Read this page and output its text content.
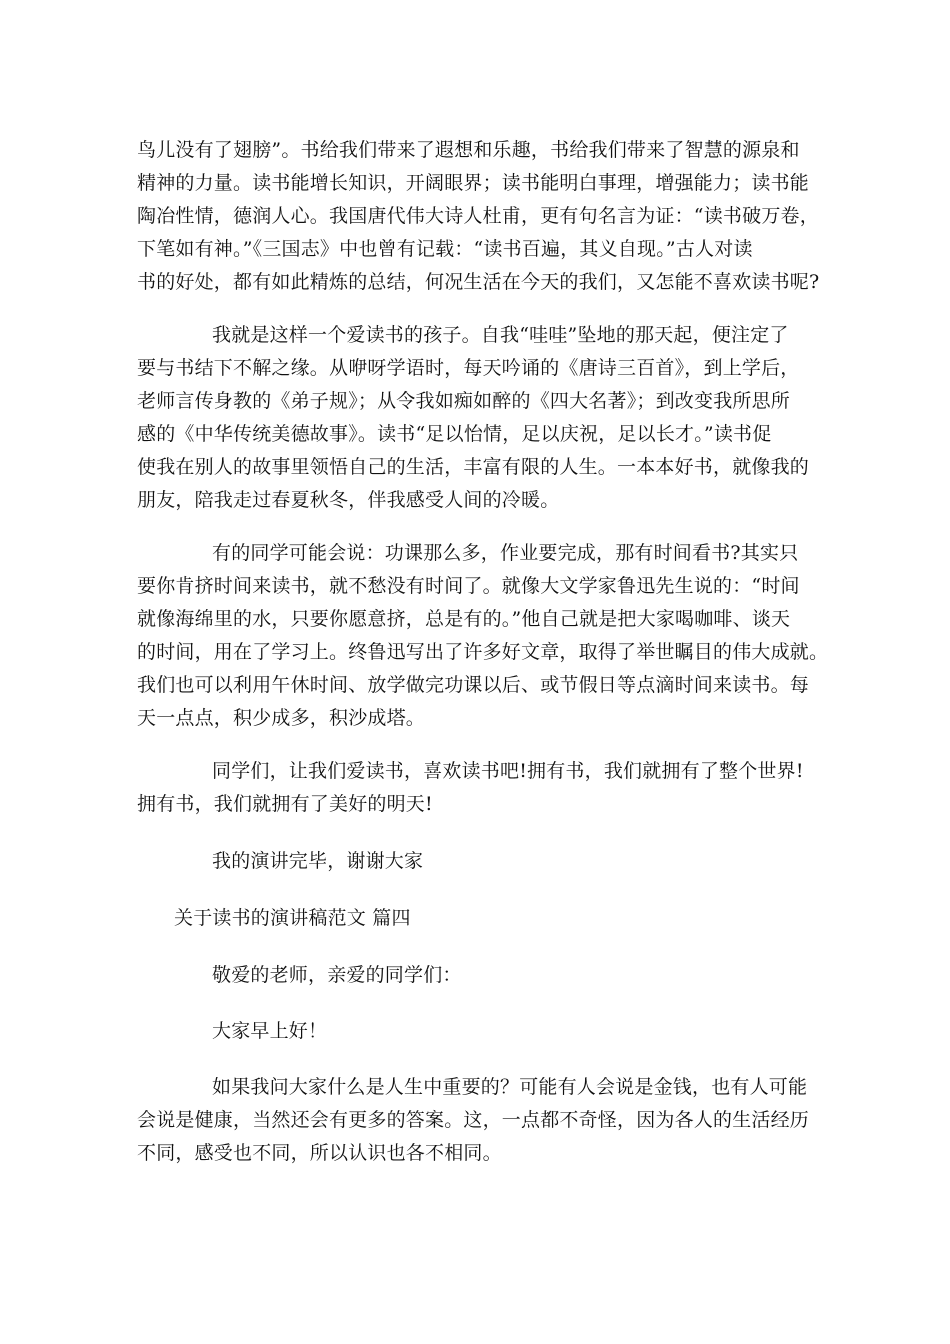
鸟儿没有了翅膀”。书给我们带来了遐想和乐趣，书给我们带来了智慧的源泉和
精神的力量。读书能增长知识，开阔眼界；读书能明白事理，增强能力；读书能
陶冶性情，德润人心。我国唐代伟大诗人杜甫，更有句名言为证：“读书破万卷，
下笔如有神。”《三国志》中也曾有记载：“读书百遍，其义自现。”古人对读
书的好处，都有如此精炼的总结，何况生活在今天的我们，又怎能不喜欢读书呢?
我就是这样一个爱读书的孩子。自我“哇哇”坠地的那天起，便注定了
要与书结下不解之缘。从咿呀学语时，每天吟诵的《唐诗三百首》，到上学后，
老师言传身教的《弟子规》；从令我如痴如醉的《四大名著》；到改变我所思所
感的《中华传统美德故事》。读书“足以怡情，足以庆祝，足以长才。”读书促
使我在别人的故事里领悟自己的生活，丰富有限的人生。一本本好书，就像我的
朋友，陪我走过春夏秋冬，伴我感受人间的冷暖。
有的同学可能会说：功课那么多，作业要完成，那有时间看书?其实只
要你肯挤时间来读书，就不愁没有时间了。就像大文学家鲁迅先生说的：“时间
就像海绵里的水，只要你愿意挤，总是有的。”他自己就是把大家喝咖啡、谈天
的时间，用在了学习上。终鲁迅写出了许多好文章，取得了举世瞩目的伟大成就。
我们也可以利用午休时间、放学做完功课以后、或节假日等点滴时间来读书。每
天一点点，积少成多，积沙成塔。
同学们，让我们爱读书，喜欢读书吧!拥有书，我们就拥有了整个世界!
拥有书，我们就拥有了美好的明天!
我的演讲完毕，谢谢大家
关于读书的演讲稿范文 篇四
敬爱的老师，亲爱的同学们：
大家早上好！
如果我问大家什么是人生中重要的？可能有人会说是金钱，也有人可能
会说是健康，当然还会有更多的答案。这，一点都不奇怪，因为各人的生活经历
不同，感受也不同，所以认识也各不相同。
